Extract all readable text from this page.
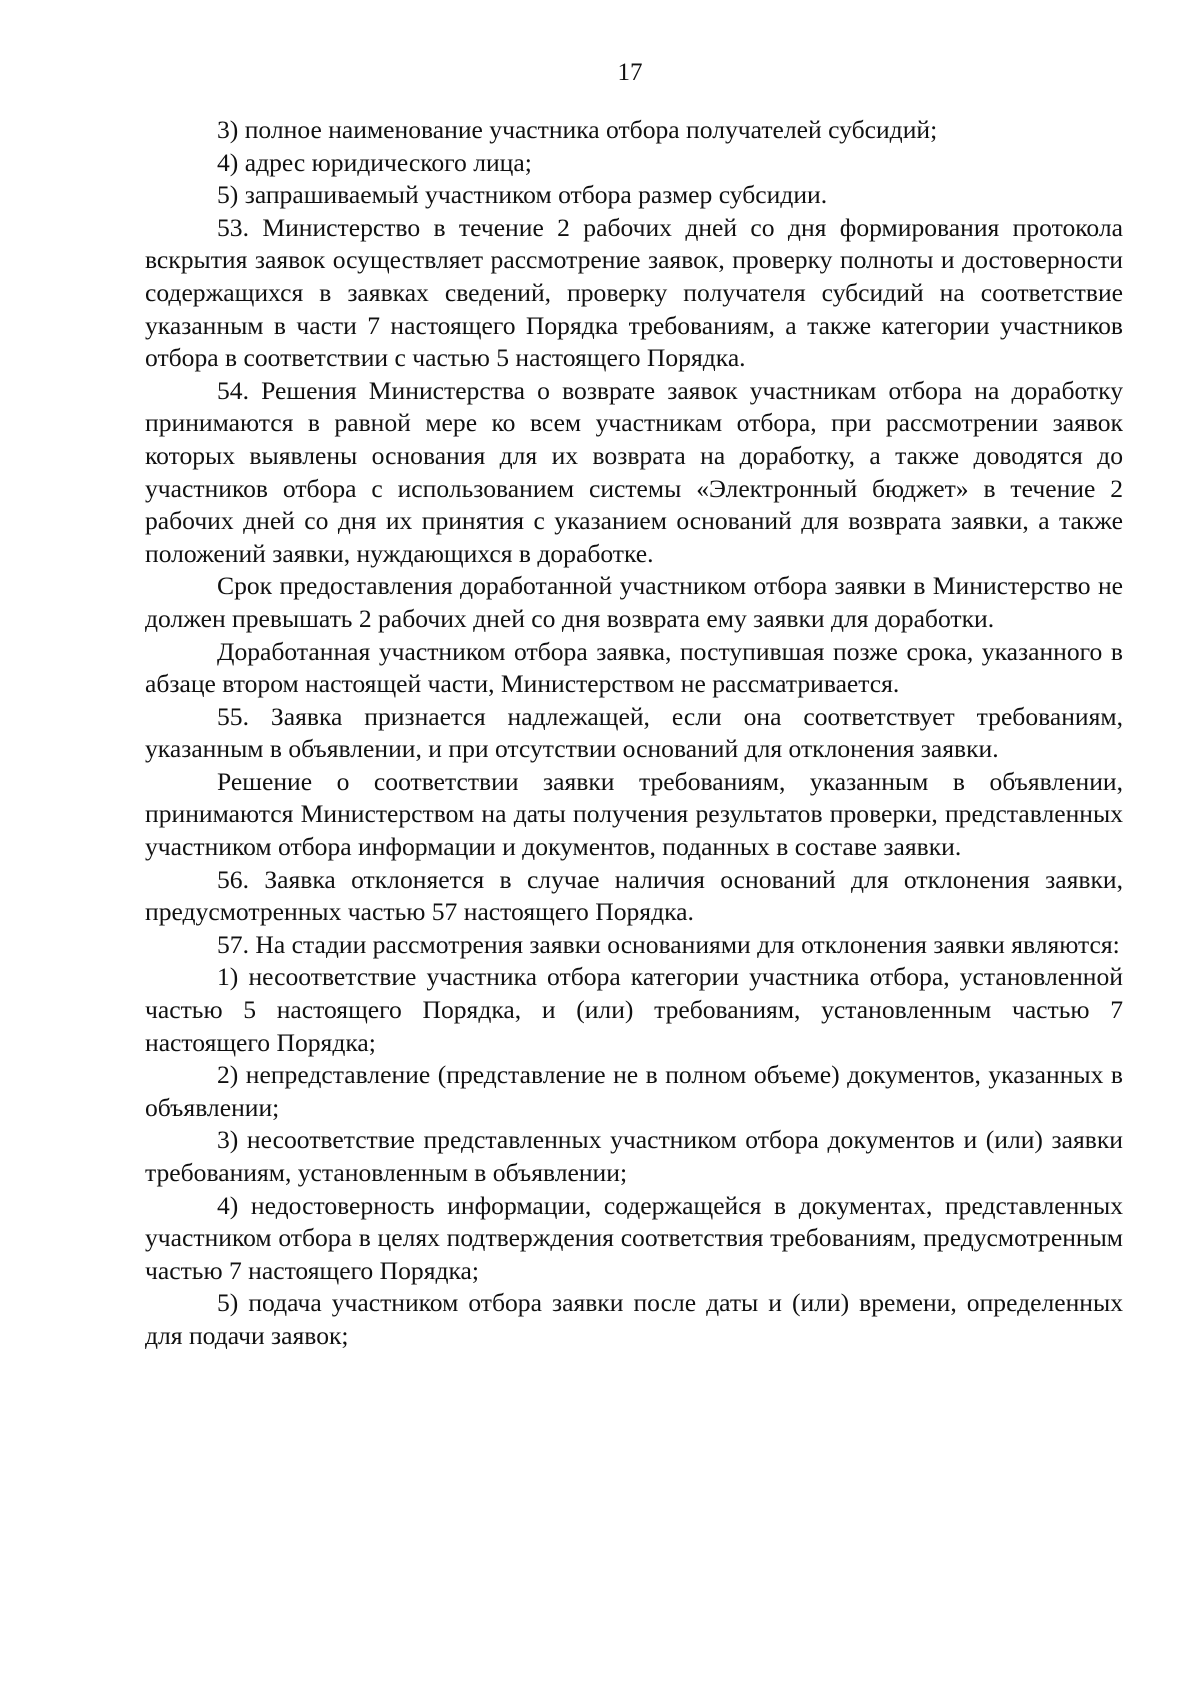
17

3) полное наименование участника отбора получателей субсидий;

4) адрес юридического лица;

5) запрашиваемый участником отбора размер субсидии.

53. Министерство в течение 2 рабочих дней со дня формирования протокола вскрытия заявок осуществляет рассмотрение заявок, проверку полноты и достоверности содержащихся в заявках сведений, проверку получателя субсидий на соответствие указанным в части 7 настоящего Порядка требованиям, а также категории участников отбора в соответствии с частью 5 настоящего Порядка.

54. Решения Министерства о возврате заявок участникам отбора на доработку принимаются в равной мере ко всем участникам отбора, при рассмотрении заявок которых выявлены основания для их возврата на доработку, а также доводятся до участников отбора с использованием системы «Электронный бюджет» в течение 2 рабочих дней со дня их принятия с указанием оснований для возврата заявки, а также положений заявки, нуждающихся в доработке.

Срок предоставления доработанной участником отбора заявки в Министерство не должен превышать 2 рабочих дней со дня возврата ему заявки для доработки.

Доработанная участником отбора заявка, поступившая позже срока, указанного в абзаце втором настоящей части, Министерством не рассматривается.

55. Заявка признается надлежащей, если она соответствует требованиям, указанным в объявлении, и при отсутствии оснований для отклонения заявки.

Решение о соответствии заявки требованиям, указанным в объявлении, принимаются Министерством на даты получения результатов проверки, представленных участником отбора информации и документов, поданных в составе заявки.

56. Заявка отклоняется в случае наличия оснований для отклонения заявки, предусмотренных частью 57 настоящего Порядка.

57. На стадии рассмотрения заявки основаниями для отклонения заявки являются:

1) несоответствие участника отбора категории участника отбора, установленной частью 5 настоящего Порядка, и (или) требованиям, установленным частью 7 настоящего Порядка;

2) непредставление (представление не в полном объеме) документов, указанных в объявлении;

3) несоответствие представленных участником отбора документов и (или) заявки требованиям, установленным в объявлении;

4) недостоверность информации, содержащейся в документах, представленных участником отбора в целях подтверждения соответствия требованиям, предусмотренным частью 7 настоящего Порядка;

5) подача участником отбора заявки после даты и (или) времени, определенных для подачи заявок;
